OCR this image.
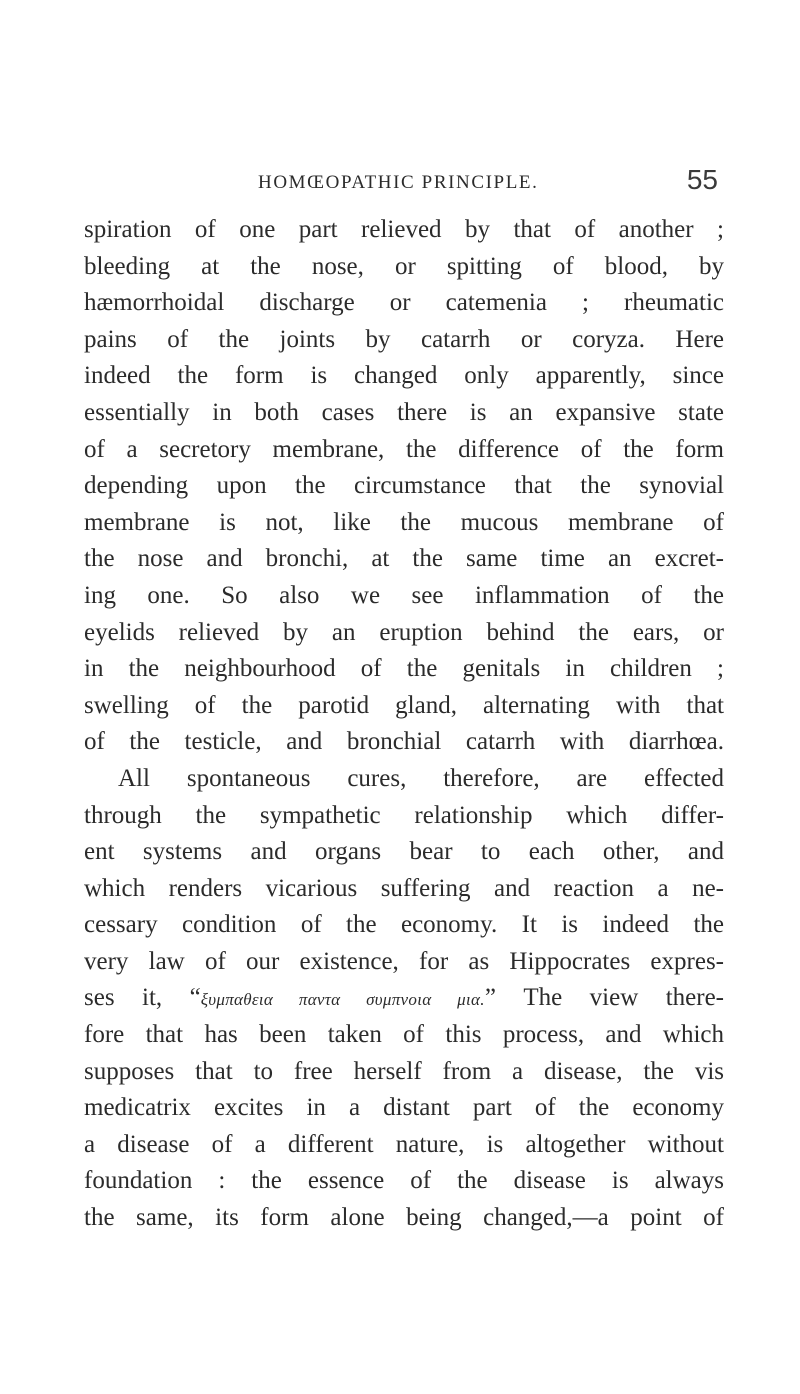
HOMŒOPATHIC PRINCIPLE.	55
spiration of one part relieved by that of another ;
bleeding at the nose, or spitting of blood, by
hæmorrhoidal discharge or catemenia ; rheumatic
pains of the joints by catarrh or coryza. Here
indeed the form is changed only apparently, since
essentially in both cases there is an expansive state
of a secretory membrane, the difference of the form
depending upon the circumstance that the synovial
membrane is not, like the mucous membrane of
the nose and bronchi, at the same time an excret-
ing one. So also we see inflammation of the
eyelids relieved by an eruption behind the ears, or
in the neighbourhood of the genitals in children ;
swelling of the parotid gland, alternating with that
of the testicle, and bronchial catarrh with diarrhœa.
All spontaneous cures, therefore, are effected
through the sympathetic relationship which differ-
ent systems and organs bear to each other, and
which renders vicarious suffering and reaction a ne-
cessary condition of the economy. It is indeed the
very law of our existence, for as Hippocrates expres-
ses it, “ξυμπαθεια παντα συμπνοια μια.” The view there-
fore that has been taken of this process, and which
supposes that to free herself from a disease, the vis
medicatrix excites in a distant part of the economy
a disease of a different nature, is altogether without
foundation : the essence of the disease is always
the same, its form alone being changed,—a point of
